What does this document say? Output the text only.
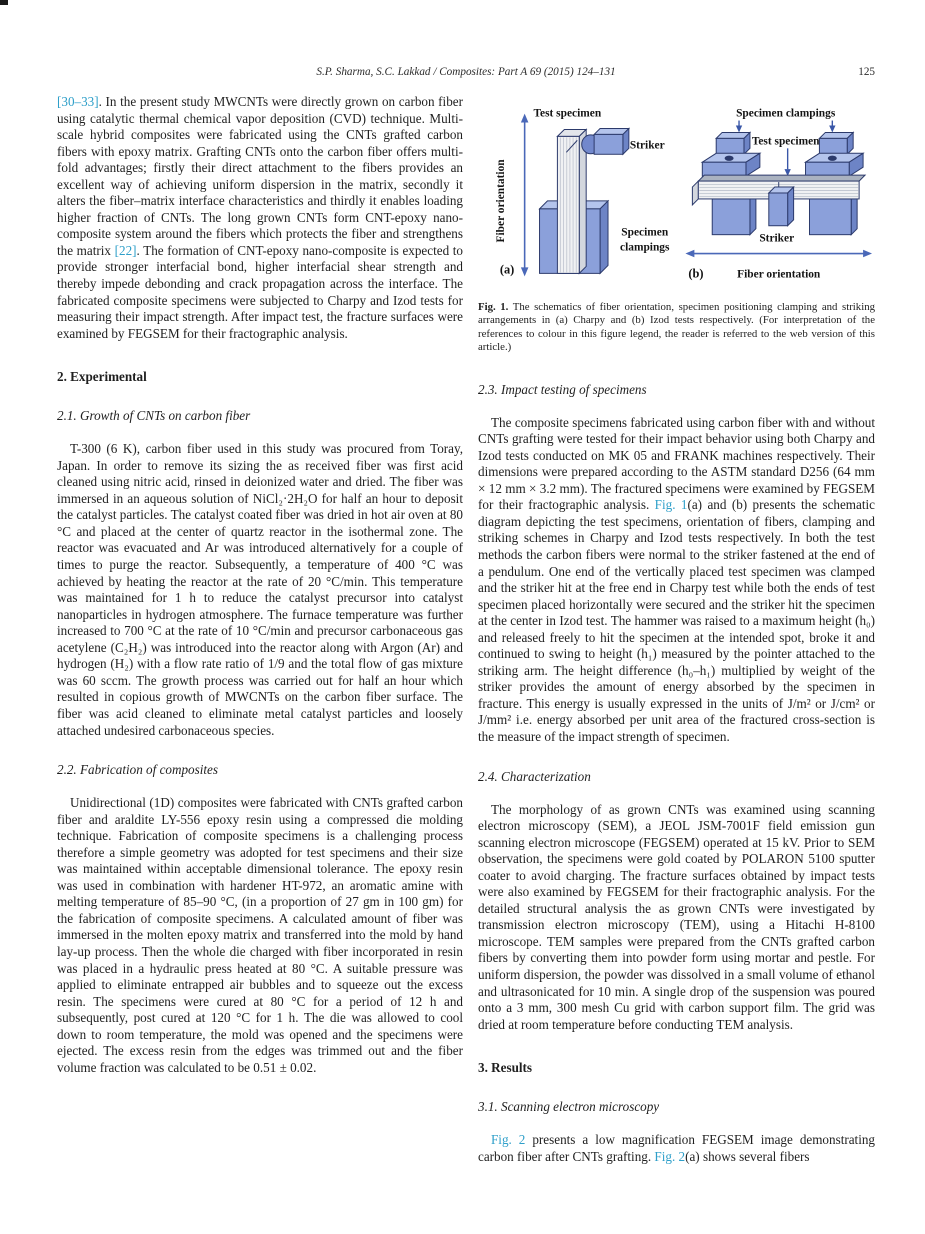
S.P. Sharma, S.C. Lakkad / Composites: Part A 69 (2015) 124–131	125

[30–33]. In the present study MWCNTs were directly grown on carbon fiber using catalytic thermal chemical vapor deposition (CVD) technique. Multi-scale hybrid composites were fabricated using the CNTs grafted carbon fibers with epoxy matrix. Grafting CNTs onto the carbon fiber offers multi-fold advantages; firstly their direct attachment to the fibers provides an excellent way of achieving uniform dispersion in the matrix, secondly it alters the fiber–matrix interface characteristics and thirdly it enables loading higher fraction of CNTs. The long grown CNTs form CNT-epoxy nano-composite system around the fibers which protects the fiber and strengthens the matrix [22]. The formation of CNT-epoxy nano-composite is expected to provide stronger interfacial bond, higher interfacial shear strength and thereby impede debonding and crack propagation across the interface. The fabricated composite specimens were subjected to Charpy and Izod tests for measuring their impact strength. After impact test, the fracture surfaces were examined by FEGSEM for their fractographic analysis.

2. Experimental
2.1. Growth of CNTs on carbon fiber

T-300 (6 K), carbon fiber used in this study was procured from Toray, Japan. In order to remove its sizing the as received fiber was first acid cleaned using nitric acid, rinsed in deionized water and dried. The fiber was immersed in an aqueous solution of NiCl₂·2H₂O for half an hour to deposit the catalyst particles. The catalyst coated fiber was dried in hot air oven at 80 °C and placed at the center of quartz reactor in the isothermal zone. The reactor was evacuated and Ar was introduced alternatively for a couple of times to purge the reactor. Subsequently, a temperature of 400 °C was achieved by heating the reactor at the rate of 20 °C/min. This temperature was maintained for 1 h to reduce the catalyst precursor into catalyst nanoparticles in hydrogen atmosphere. The furnace temperature was further increased to 700 °C at the rate of 10 °C/min and precursor carbonaceous gas acetylene (C₂H₂) was introduced into the reactor along with Argon (Ar) and hydrogen (H₂) with a flow rate ratio of 1/9 and the total flow of gas mixture was 60 sccm. The growth process was carried out for half an hour which resulted in copious growth of MWCNTs on the carbon fiber surface. The fiber was acid cleaned to eliminate metal catalyst particles and loosely attached undesired carbonaceous species.

2.2. Fabrication of composites

Unidirectional (1D) composites were fabricated with CNTs grafted carbon fiber and araldite LY-556 epoxy resin using a compressed die molding technique. Fabrication of composite specimens is a challenging process therefore a simple geometry was adopted for test specimens and their size was maintained within acceptable dimensional tolerance. The epoxy resin was used in combination with hardener HT-972, an aromatic amine with melting temperature of 85–90 °C, (in a proportion of 27 gm in 100 gm) for the fabrication of composite specimens. A calculated amount of fiber was immersed in the molten epoxy matrix and transferred into the mold by hand lay-up process. Then the whole die charged with fiber incorporated in resin was placed in a hydraulic press heated at 80 °C. A suitable pressure was applied to eliminate entrapped air bubbles and to squeeze out the excess resin. The specimens were cured at 80 °C for a period of 12 h and subsequently, post cured at 120 °C for 1 h. The die was allowed to cool down to room temperature, the mold was opened and the specimens were ejected. The excess resin from the edges was trimmed out and the fiber volume fraction was calculated to be 0.51 ± 0.02.

Fiber orientation
Test specimen
Striker
Specimen
clampings
(a)
Specimen clampings
Test specimen
Striker
(b)	Fiber orientation

Fig. 1. The schematics of fiber orientation, specimen positioning clamping and striking arrangements in (a) Charpy and (b) Izod tests respectively. (For interpretation of the references to colour in this figure legend, the reader is referred to the web version of this article.)

2.3. Impact testing of specimens

The composite specimens fabricated using carbon fiber with and without CNTs grafting were tested for their impact behavior using both Charpy and Izod tests conducted on MK 05 and FRANK machines respectively. Their dimensions were prepared according to the ASTM standard D256 (64 mm × 12 mm × 3.2 mm). The fractured specimens were examined by FEGSEM for their fractographic analysis. Fig. 1(a) and (b) presents the schematic diagram depicting the test specimens, orientation of fibers, clamping and striking schemes in Charpy and Izod tests respectively. In both the test methods the carbon fibers were normal to the striker fastened at the end of a pendulum. One end of the vertically placed test specimen was clamped and the striker hit at the free end in Charpy test while both the ends of test specimen placed horizontally were secured and the striker hit the specimen at the center in Izod test. The hammer was raised to a maximum height (h₀) and released freely to hit the specimen at the intended spot, broke it and continued to swing to height (h₁) measured by the pointer attached to the striking arm. The height difference (h₀–h₁) multiplied by weight of the striker provides the amount of energy absorbed by the specimen in fracture. This energy is usually expressed in the units of J/m² or J/cm² or J/mm² i.e. energy absorbed per unit area of the fractured cross-section is the measure of the impact strength of specimen.

2.4. Characterization

The morphology of as grown CNTs was examined using scanning electron microscopy (SEM), a JEOL JSM-7001F field emission gun scanning electron microscope (FEGSEM) operated at 15 kV. Prior to SEM observation, the specimens were gold coated by POLARON 5100 sputter coater to avoid charging. The fracture surfaces obtained by impact tests were also examined by FEGSEM for their fractographic analysis. For the detailed structural analysis the as grown CNTs were investigated by transmission electron microscopy (TEM), using a Hitachi H-8100 microscope. TEM samples were prepared from the CNTs grafted carbon fibers by converting them into powder form using mortar and pestle. For uniform dispersion, the powder was dissolved in a small volume of ethanol and ultrasonicated for 10 min. A single drop of the suspension was poured onto a 3 mm, 300 mesh Cu grid with carbon support film. The grid was dried at room temperature before conducting TEM analysis.

3. Results
3.1. Scanning electron microscopy

Fig. 2 presents a low magnification FEGSEM image demonstrating carbon fiber after CNTs grafting. Fig. 2(a) shows several fibers
